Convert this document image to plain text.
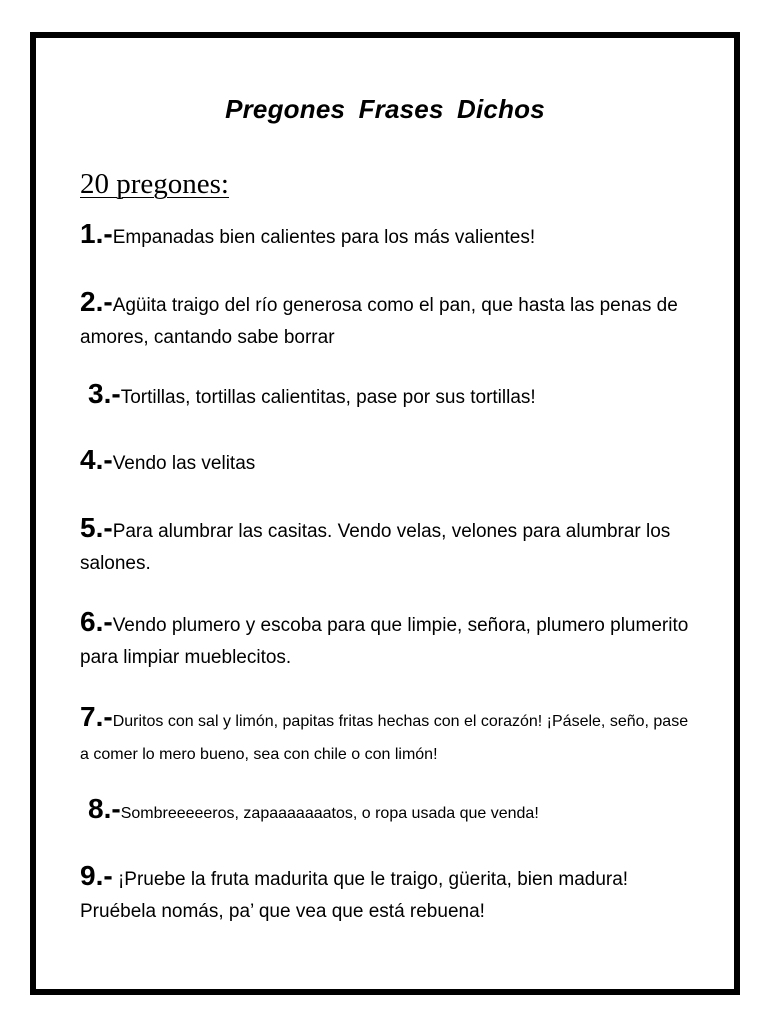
Pregones Frases Dichos
20 pregones:
1.-Empanadas bien calientes para los más valientes!
2.-Agüita traigo del río generosa como el pan, que hasta las penas de amores, cantando sabe borrar
3.-Tortillas, tortillas calientitas, pase por sus tortillas!
4.-Vendo las velitas
5.-Para alumbrar las casitas. Vendo velas, velones para alumbrar los salones.
6.-Vendo plumero y escoba para que limpie, señora, plumero plumerito para limpiar mueblecitos.
7.-Duritos con sal y limón, papitas fritas hechas con el corazón! ¡Pásele, seño, pase a comer lo mero bueno, sea con chile o con limón!
8.-Sombreeeeeros, zapaaaaaaatos, o ropa usada que venda!
9.- ¡Pruebe la fruta madurita que le traigo, güerita, bien madura! Pruébela nomás, pa’ que vea que está rebuena!
